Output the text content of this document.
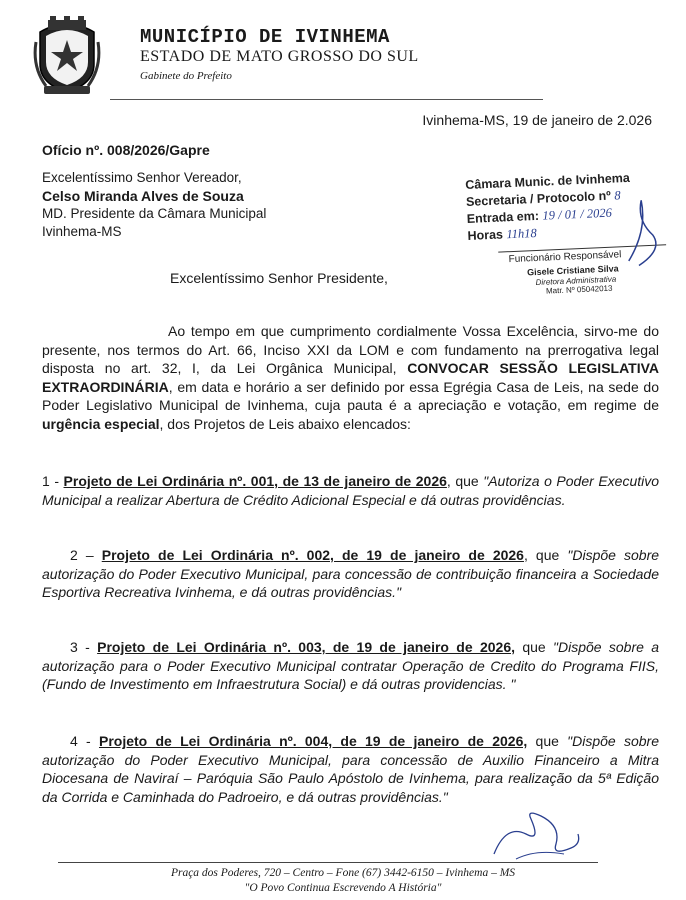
MUNICÍPIO DE IVINHEMA
ESTADO DE MATO GROSSO DO SUL
Gabinete do Prefeito
Ivinhema-MS, 19 de janeiro de 2.026
Ofício nº. 008/2026/Gapre
Excelentíssimo Senhor Vereador,
Celso Miranda Alves de Souza
MD. Presidente da Câmara Municipal
Ivinhema-MS
Câmara Munic. de Ivinhema
Secretaria / Protocolo nº 8
Entrada em: 19 / 01 / 2026
Horas 11h18
Funcionário Responsável
Gisele Cristiane Silva
Diretora Administrativa
Matr. Nº 05042013
Excelentíssimo Senhor Presidente,
Ao tempo em que cumprimento cordialmente Vossa Excelência, sirvo-me do presente, nos termos do Art. 66, Inciso XXI da LOM e com fundamento na prerrogativa legal disposta no art. 32, I, da Lei Orgânica Municipal, CONVOCAR SESSÃO LEGISLATIVA EXTRAORDINÁRIA, em data e horário a ser definido por essa Egrégia Casa de Leis, na sede do Poder Legislativo Municipal de Ivinhema, cuja pauta é a apreciação e votação, em regime de urgência especial, dos Projetos de Leis abaixo elencados:
1 - Projeto de Lei Ordinária nº. 001, de 13 de janeiro de 2026, que "Autoriza o Poder Executivo Municipal a realizar Abertura de Crédito Adicional Especial e dá outras providências.
2 – Projeto de Lei Ordinária nº. 002, de 19 de janeiro de 2026, que "Dispõe sobre autorização do Poder Executivo Municipal, para concessão de contribuição financeira a Sociedade Esportiva Recreativa Ivinhema, e dá outras providências."
3 - Projeto de Lei Ordinária nº. 003, de 19 de janeiro de 2026, que "Dispõe sobre a autorização para o Poder Executivo Municipal contratar Operação de Credito do Programa FIIS, (Fundo de Investimento em Infraestrutura Social) e dá outras providencias. "
4 - Projeto de Lei Ordinária nº. 004, de 19 de janeiro de 2026, que "Dispõe sobre autorização do Poder Executivo Municipal, para concessão de Auxilio Financeiro a Mitra Diocesana de Naviraí – Paróquia São Paulo Apóstolo de Ivinhema, para realização da 5ª Edição da Corrida e Caminhada do Padroeiro, e dá outras providências."
Praça dos Poderes, 720 – Centro – Fone (67) 3442-6150 – Ivinhema – MS
"O Povo Continua Escrevendo A História"
